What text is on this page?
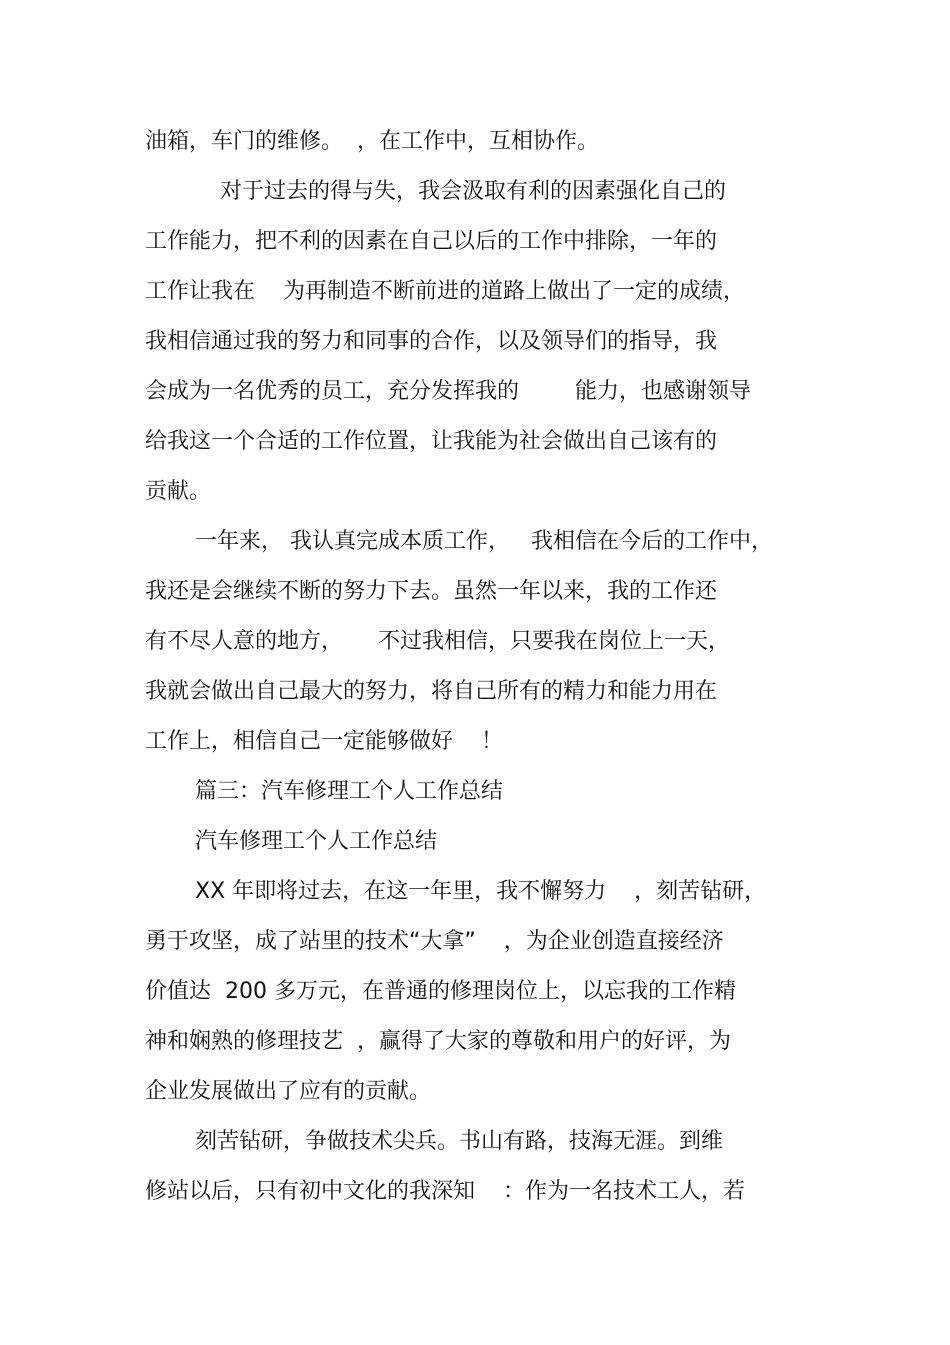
油箱，车门的维修。  ，在工作中，互相协作。
对于过去的得与失，我会汲取有利的因素强化自己的
工作能力，把不利的因素在自己以后的工作中排除，一年的
工作让我在    为再制造不断前进的道路上做出了一定的成绩，
我相信通过我的努力和同事的合作，以及领导们的指导，我
会成为一名优秀的员工，充分发挥我的        能力，也感谢领导
给我这一个合适的工作位置，让我能为社会做出自己该有的
贡献。
一年来， 我认真完成本质工作，   我相信在今后的工作中，
我还是会继续不断的努力下去。虽然一年以来，我的工作还
有不尽人意的地方，     不过我相信，只要我在岗位上一天，
我就会做出自己最大的努力，将自己所有的精力和能力用在
工作上，相信自己一定能够做好    ！
篇三：汽车修理工个人工作总结
汽车修理工个人工作总结
XX 年即将过去，在这一年里，我不懈努力    ，刻苦钻研，
勇于攻坚，成了站里的技术“大拿”    ，为企业创造直接经济
价值达  200 多万元，在普通的修理岗位上，以忘我的工作精
神和娴熟的修理技艺  ，赢得了大家的尊敬和用户的好评，为
企业发展做出了应有的贡献。
刻苦钻研，争做技术尖兵。书山有路，技海无涯。到维
修站以后，只有初中文化的我深知    ：作为一名技术工人，若
